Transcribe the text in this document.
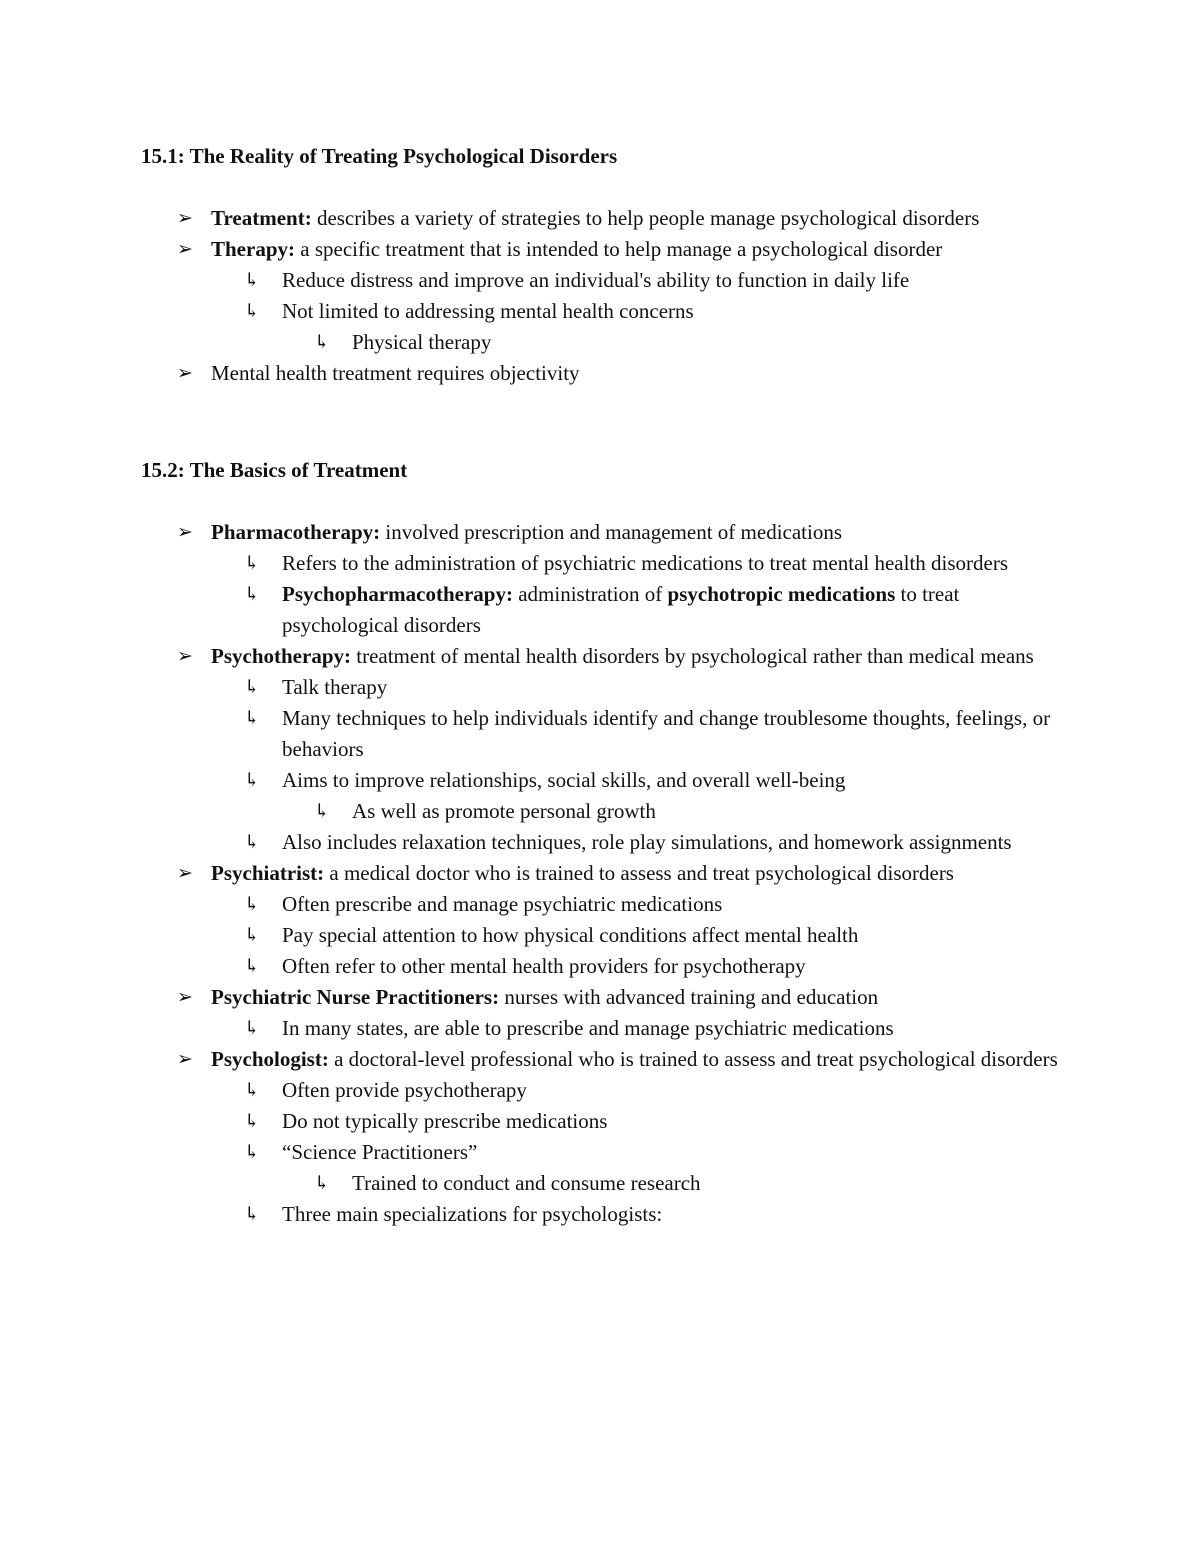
15.1: The Reality of Treating Psychological Disorders
➢ Treatment: describes a variety of strategies to help people manage psychological disorders
➢ Therapy: a specific treatment that is intended to help manage a psychological disorder
↳ Reduce distress and improve an individual's ability to function in daily life
↳ Not limited to addressing mental health concerns
↳ Physical therapy
➢ Mental health treatment requires objectivity
15.2: The Basics of Treatment
➢ Pharmacotherapy: involved prescription and management of medications
↳ Refers to the administration of psychiatric medications to treat mental health disorders
↳ Psychopharmacotherapy: administration of psychotropic medications to treat psychological disorders
➢ Psychotherapy: treatment of mental health disorders by psychological rather than medical means
↳ Talk therapy
↳ Many techniques to help individuals identify and change troublesome thoughts, feelings, or behaviors
↳ Aims to improve relationships, social skills, and overall well-being
↳ As well as promote personal growth
↳ Also includes relaxation techniques, role play simulations, and homework assignments
➢ Psychiatrist: a medical doctor who is trained to assess and treat psychological disorders
↳ Often prescribe and manage psychiatric medications
↳ Pay special attention to how physical conditions affect mental health
↳ Often refer to other mental health providers for psychotherapy
➢ Psychiatric Nurse Practitioners: nurses with advanced training and education
↳ In many states, are able to prescribe and manage psychiatric medications
➢ Psychologist: a doctoral-level professional who is trained to assess and treat psychological disorders
↳ Often provide psychotherapy
↳ Do not typically prescribe medications
↳ “Science Practitioners”
↳ Trained to conduct and consume research
↳ Three main specializations for psychologists:
